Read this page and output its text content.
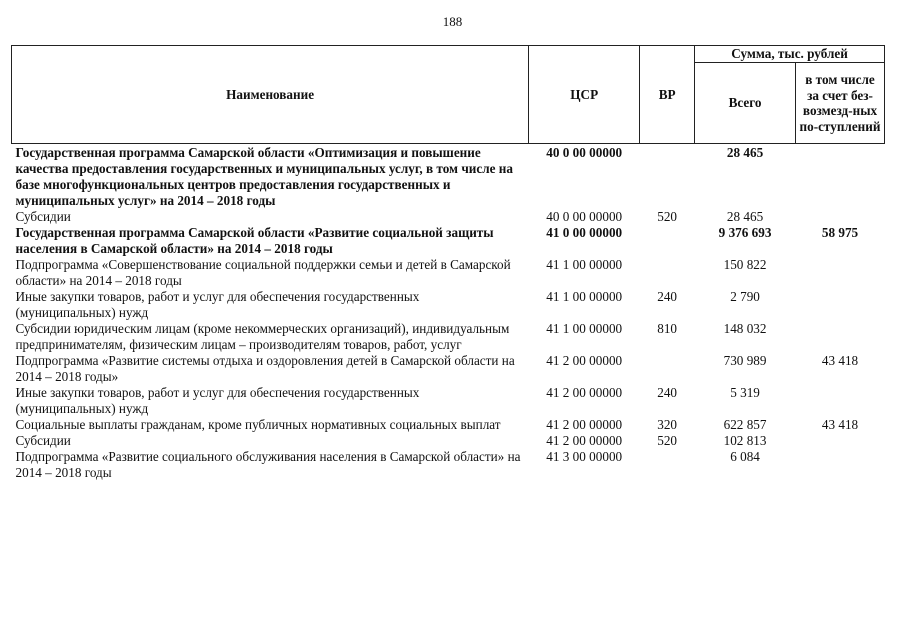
188
Наименование	ЦСР	ВР	Сумма, тыс. рублей	
			Всего	в том числе за счет без-возмезд-ных по-ступлений
Государственная программа Самарской области «Оптимизация и повышение качества предоставления государственных и муниципальных услуг, в том числе на базе многофункциональных центров предоставления государственных и муниципальных услуг» на 2014 – 2018 годы	40 0 00 00000		28 465	
Субсидии	40 0 00 00000	520	28 465	
Государственная программа Самарской области «Развитие социальной защиты населения в Самарской области» на 2014 – 2018 годы	41 0 00 00000		9 376 693	58 975
Подпрограмма «Совершенствование социальной поддержки семьи и детей в Самарской области» на 2014 – 2018 годы	41 1 00 00000		150 822	
Иные закупки товаров, работ и услуг для обеспечения государственных (муниципальных) нужд	41 1 00 00000	240	2 790	
Субсидии юридическим лицам (кроме некоммерческих организаций), индивидуальным предпринимателям, физическим лицам – производителям товаров, работ, услуг	41 1 00 00000	810	148 032	
Подпрограмма «Развитие системы отдыха и оздоровления детей в Самарской области на 2014 – 2018 годы»	41 2 00 00000		730 989	43 418
Иные закупки товаров, работ и услуг для обеспечения государственных (муниципальных) нужд	41 2 00 00000	240	5 319	
Социальные выплаты гражданам, кроме публичных нормативных социальных выплат	41 2 00 00000	320	622 857	43 418
Субсидии	41 2 00 00000	520	102 813	
Подпрограмма «Развитие социального обслуживания населения в Самарской области» на 2014 – 2018 годы	41 3 00 00000		6 084	
